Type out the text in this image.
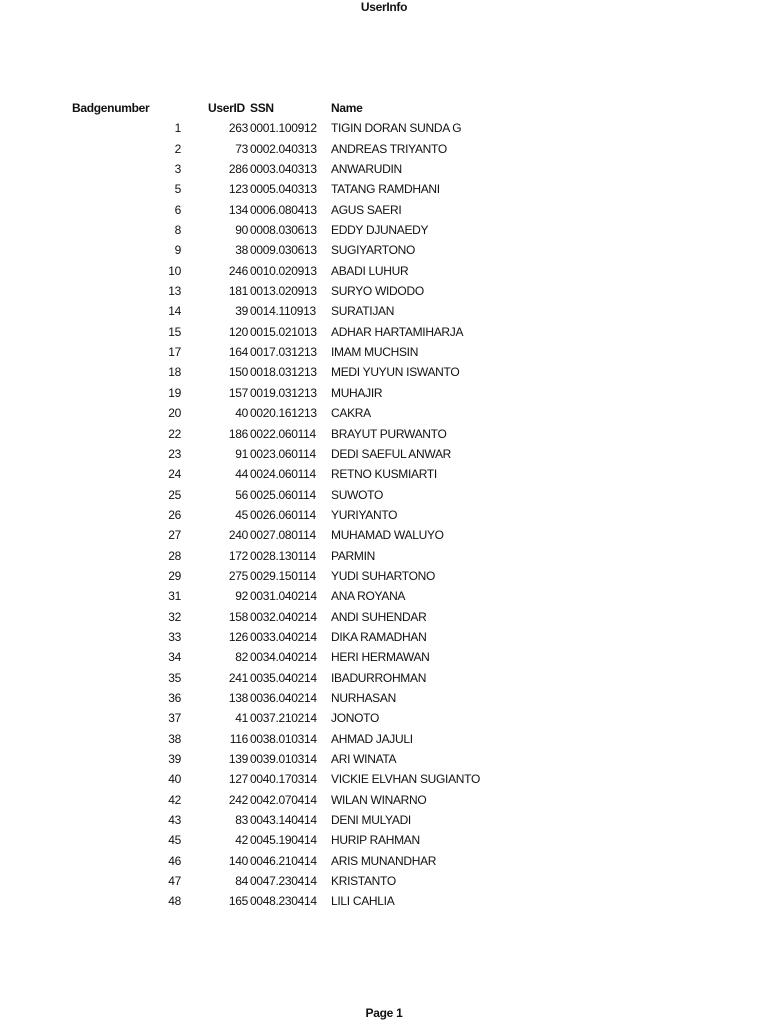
UserInfo
Badgenumber	UserID SSN	Name
1	263 0001.100912 TIGIN DORAN SUNDA G
2	73 0002.040313 ANDREAS TRIYANTO
3	286 0003.040313 ANWARUDIN
5	123 0005.040313 TATANG RAMDHANI
6	134 0006.080413 AGUS SAERI
8	90 0008.030613 EDDY DJUNAEDY
9	38 0009.030613 SUGIYARTONO
10	246 0010.020913 ABADI LUHUR
13	181 0013.020913 SURYO WIDODO
14	39 0014.110913 SURATIJAN
15	120 0015.021013 ADHAR HARTAMIHARJA
17	164 0017.031213 IMAM MUCHSIN
18	150 0018.031213 MEDI YUYUN ISWANTO
19	157 0019.031213 MUHAJIR
20	40 0020.161213 CAKRA
22	186 0022.060114 BRAYUT PURWANTO
23	91 0023.060114 DEDI SAEFUL ANWAR
24	44 0024.060114 RETNO KUSMIARTI
25	56 0025.060114 SUWOTO
26	45 0026.060114 YURIYANTO
27	240 0027.080114 MUHAMAD WALUYO
28	172 0028.130114 PARMIN
29	275 0029.150114 YUDI SUHARTONO
31	92 0031.040214 ANA ROYANA
32	158 0032.040214 ANDI SUHENDAR
33	126 0033.040214 DIKA RAMADHAN
34	82 0034.040214 HERI HERMAWAN
35	241 0035.040214 IBADURROHMAN
36	138 0036.040214 NURHASAN
37	41 0037.210214 JONOTO
38	116 0038.010314 AHMAD JAJULI
39	139 0039.010314 ARI WINATA
40	127 0040.170314 VICKIE ELVHAN SUGIANTO
42	242 0042.070414 WILAN WINARNO
43	83 0043.140414 DENI MULYADI
45	42 0045.190414 HURIP RAHMAN
46	140 0046.210414 ARIS MUNANDHAR
47	84 0047.230414 KRISTANTO
48	165 0048.230414 LILI CAHLIA
Page 1
